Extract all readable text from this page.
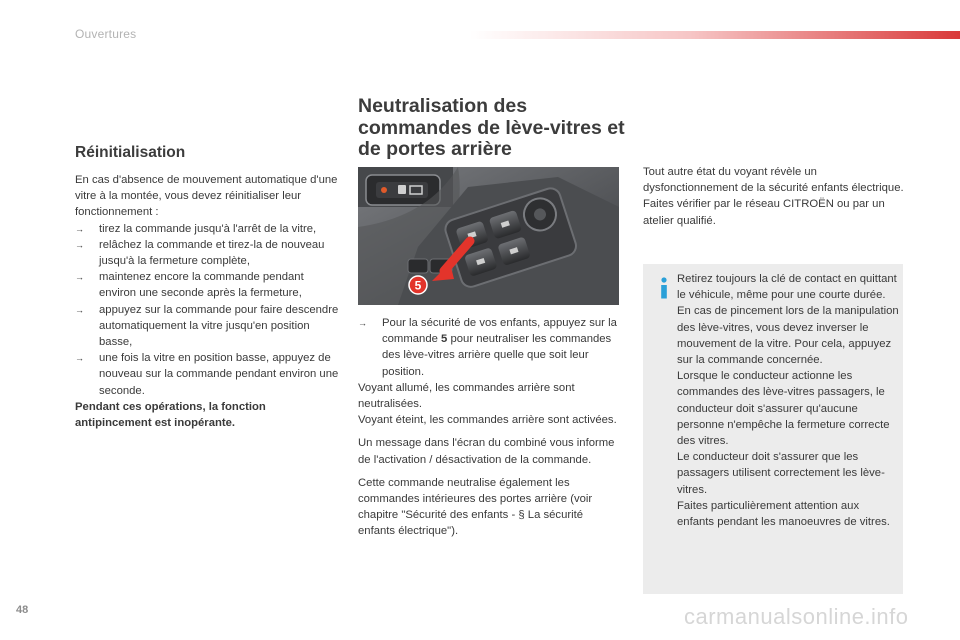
Ouvertures
Réinitialisation

En cas d'absence de mouvement automatique d'une vitre à la montée, vous devez réinitialiser leur fonctionnement :

→ tirez la commande jusqu'à l'arrêt de la vitre,
→ relâchez la commande et tirez-la de nouveau jusqu'à la fermeture complète,
→ maintenez encore la commande pendant environ une seconde après la fermeture,
→ appuyez sur la commande pour faire descendre automatiquement la vitre jusqu'en position basse,
→ une fois la vitre en position basse, appuyez de nouveau sur la commande pendant environ une seconde.

Pendant ces opérations, la fonction antipincement est inopérante.

Neutralisation des commandes de lève-vitres et de portes arrière
5
→ Pour la sécurité de vos enfants, appuyez sur la commande 5 pour neutraliser les commandes des lève-vitres arrière quelle que soit leur position.

Voyant allumé, les commandes arrière sont neutralisées.

Voyant éteint, les commandes arrière sont activées.

Un message dans l'écran du combiné vous informe de l'activation / désactivation de la commande.

Cette commande neutralise également les commandes intérieures des portes arrière (voir chapitre "Sécurité des enfants - § La sécurité enfants électrique").

Tout autre état du voyant révèle un dysfonctionnement de la sécurité enfants électrique.

Faites vérifier par le réseau CITROËN ou par un atelier qualifié.

Retirez toujours la clé de contact en quittant le véhicule, même pour une courte durée.
En cas de pincement lors de la manipulation des lève-vitres, vous devez inverser le mouvement de la vitre. Pour cela, appuyez sur la commande concernée.
Lorsque le conducteur actionne les commandes des lève-vitres passagers, le conducteur doit s'assurer qu'aucune personne n'empêche la fermeture correcte des vitres.
Le conducteur doit s'assurer que les passagers utilisent correctement les lève-vitres.
Faites particulièrement attention aux enfants pendant les manoeuvres de vitres.
48	carmanualsonline.info
